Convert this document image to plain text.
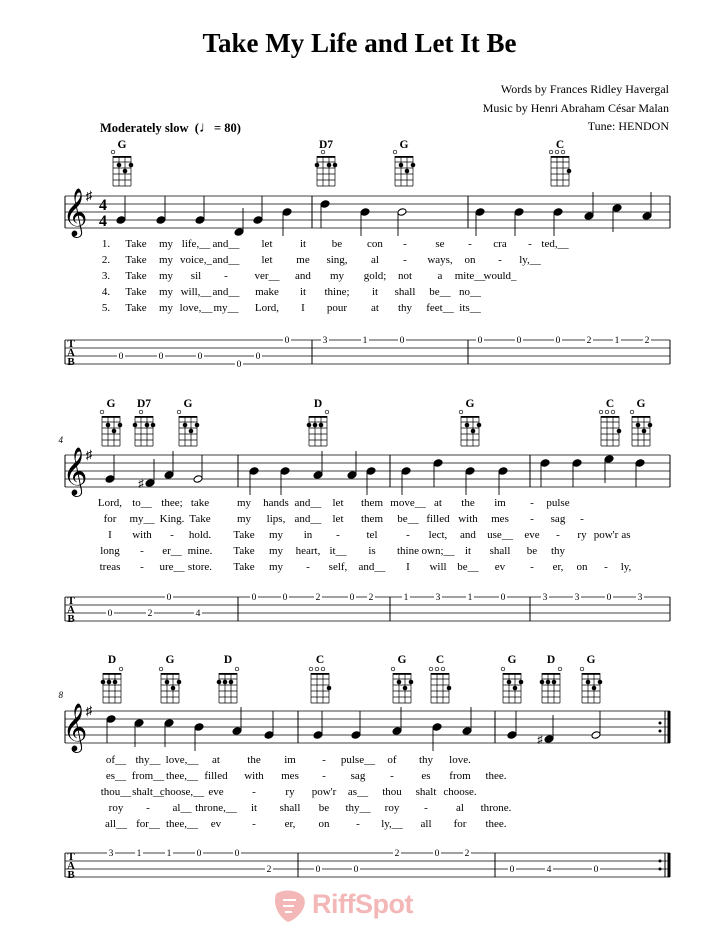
Take My Life and Let It Be
Words by Frances Ridley Havergal
Music by Henri Abraham César Malan
Tune: HENDON
Moderately slow  (♩= 80)
𝄞
♯
4
4
T
A
B
G	D7	G	C
0	0	0
0
0
0	3	1	0	0	0	0	2 1	2
1. Take my life,__ and__ let it be con -	se - cra - ted,__
2. Take my voice,_ and__ let me sing, al - ways, on - ly,__
3. Take my sil - ver__ and my gold; not a mite__
would_
4. Take my will,__ and__ make it thine; it shall be__ no__
5. Take my love,__ my__ Lord, I pour at thy feet__ its__
𝄞
♯
T
A
B
4
G D7	G	D	G	C G
♯
0	2
0
4
0	0	2	0 2	1	3	1	0	3	3	0	3
Lord, to__ thee; take	my hands and__ let them move__ at the im - pulse
for my__ King. Take my lips, and__ let them be__ filled with mes - sag -
I with - hold. Take my in - tel	- lect, and use__ eve - ry pow'r as
long - er__ mine. Take my heart, it__ is thine own;__ it shall be thy
treas - ure__ store. Take my - self, and__ I will be__ ev - er, on - ly,
𝄞
♯
T
A
B
8
D	G	D	C	G	C	G	D	G
♯
3 1	1	0	0
2	0	0
2	0	2
0	4	0
of__ thy__ love,__ at the im - pulse__ of thy love.
es__ from__ thee,__ filled with mes - sag -	es from thee.
thou__ shalt__
choose,__ eve	-	ry pow'r as__ thou shalt choose.
roy - al__ throne,__ it shall be thy__ roy -	al throne.
all__ for__ thee,__ ev	-	er, on - ly,__ all for thee.
RiffSpot
